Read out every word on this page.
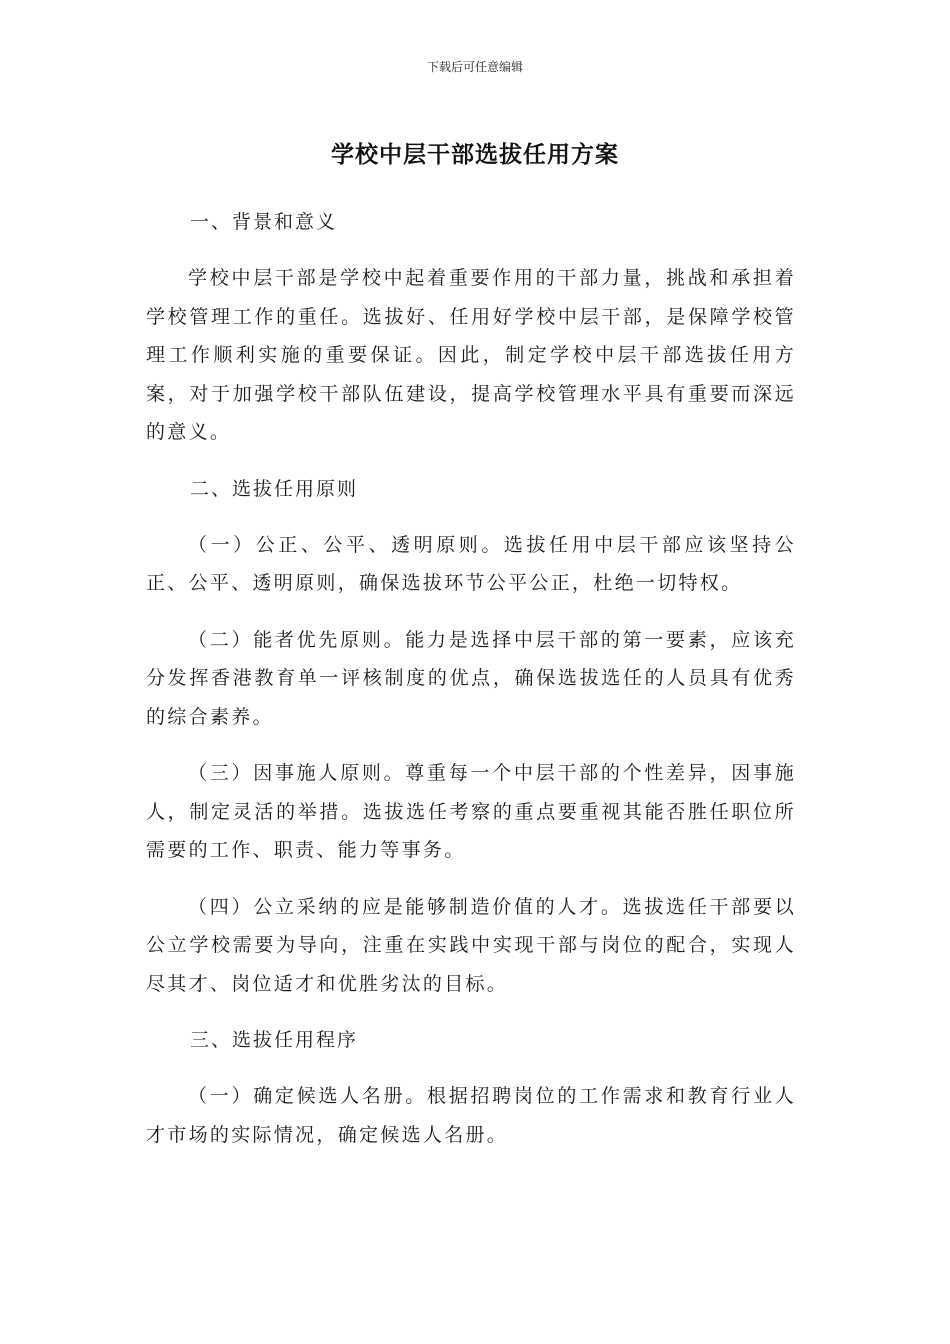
下载后可任意编辑
学校中层干部选拔任用方案
一、背景和意义
学校中层干部是学校中起着重要作用的干部力量，挑战和承担着学校管理工作的重任。选拔好、任用好学校中层干部，是保障学校管理工作顺利实施的重要保证。因此，制定学校中层干部选拔任用方案，对于加强学校干部队伍建设，提高学校管理水平具有重要而深远的意义。
二、选拔任用原则
（一）公正、公平、透明原则。选拔任用中层干部应该坚持公正、公平、透明原则，确保选拔环节公平公正，杜绝一切特权。
（二）能者优先原则。能力是选择中层干部的第一要素，应该充分发挥香港教育单一评核制度的优点，确保选拔选任的人员具有优秀的综合素养。
（三）因事施人原则。尊重每一个中层干部的个性差异，因事施人，制定灵活的举措。选拔选任考察的重点要重视其能否胜任职位所需要的工作、职责、能力等事务。
（四）公立采纳的应是能够制造价值的人才。选拔选任干部要以公立学校需要为导向，注重在实践中实现干部与岗位的配合，实现人尽其才、岗位适才和优胜劣汰的目标。
三、选拔任用程序
（一）确定候选人名册。根据招聘岗位的工作需求和教育行业人才市场的实际情况，确定候选人名册。
